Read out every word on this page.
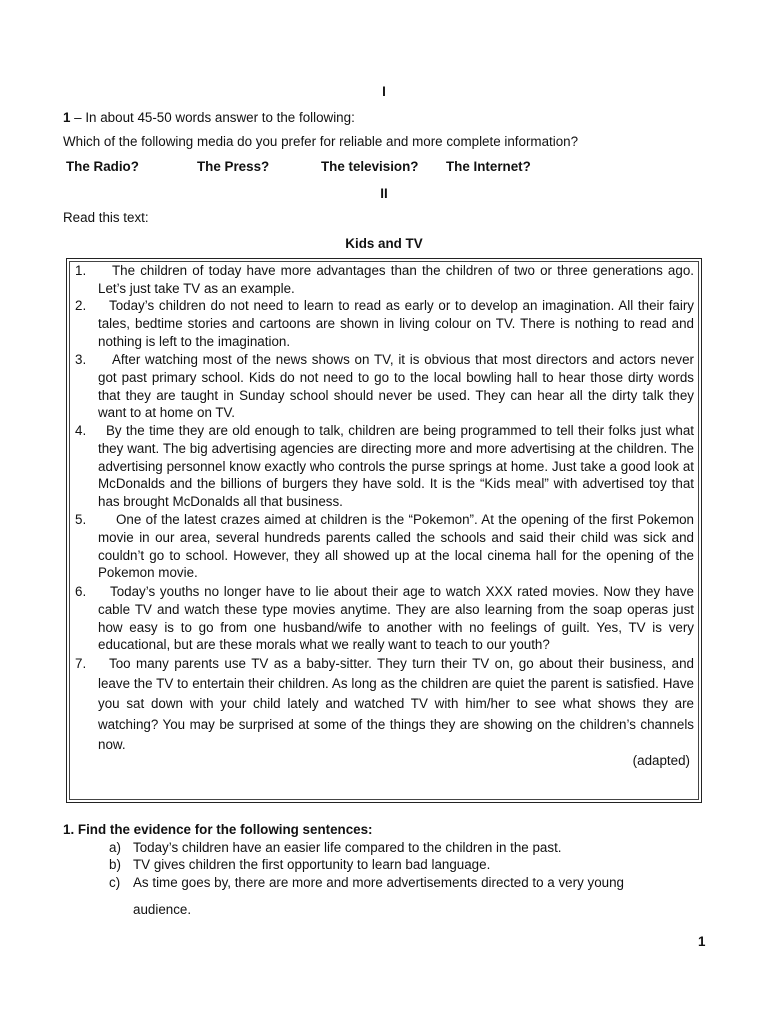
I
1 – In about 45-50 words answer to the following:
Which of the following media do you prefer for reliable and more complete information?
The Radio?	The Press?	The television? The Internet?
II
Read this text:
Kids and TV
1.	The children of today have more advantages than the children of two or three generations ago. Let’s just take TV as an example.
2.	Today’s children do not need to learn to read as early or to develop an imagination. All their fairy tales, bedtime stories and cartoons are shown in living colour on TV. There is nothing to read and nothing is left to the imagination.
3.	After watching most of the news shows on TV, it is obvious that most directors and actors never got past primary school. Kids do not need to go to the local bowling hall to hear those dirty words that they are taught in Sunday school should never be used. They can hear all the dirty talk they want to at home on TV.
4.	By the time they are old enough to talk, children are being programmed to tell their folks just what they want. The big advertising agencies are directing more and more advertising at the children. The advertising personnel know exactly who controls the purse springs at home. Just take a good look at McDonalds and the billions of burgers they have sold. It is the “Kids meal” with advertised toy that has brought McDonalds all that business.
5.	One of the latest crazes aimed at children is the “Pokemon”. At the opening of the first Pokemon movie in our area, several hundreds parents called the schools and said their child was sick and couldn’t go to school. However, they all showed up at the local cinema hall for the opening of the Pokemon movie.
6.	Today’s youths no longer have to lie about their age to watch XXX rated movies. Now they have cable TV and watch these type movies anytime. They are also learning from the soap operas just how easy is to go from one husband/wife to another with no feelings of guilt. Yes, TV is very educational, but are these morals what we really want to teach to our youth?
7.	Too many parents use TV as a baby-sitter. They turn their TV on, go about their business, and leave the TV to entertain their children. As long as the children are quiet the parent is satisfied. Have you sat down with your child lately and watched TV with him/her to see what shows they are watching? You may be surprised at some of the things they are showing on the children’s channels now.
(adapted)
1. Find the evidence for the following sentences:
a) Today’s children have an easier life compared to the children in the past.
b) TV gives children the first opportunity to learn bad language.
c) As time goes by, there are more and more advertisements directed to a very young
audience.
1
